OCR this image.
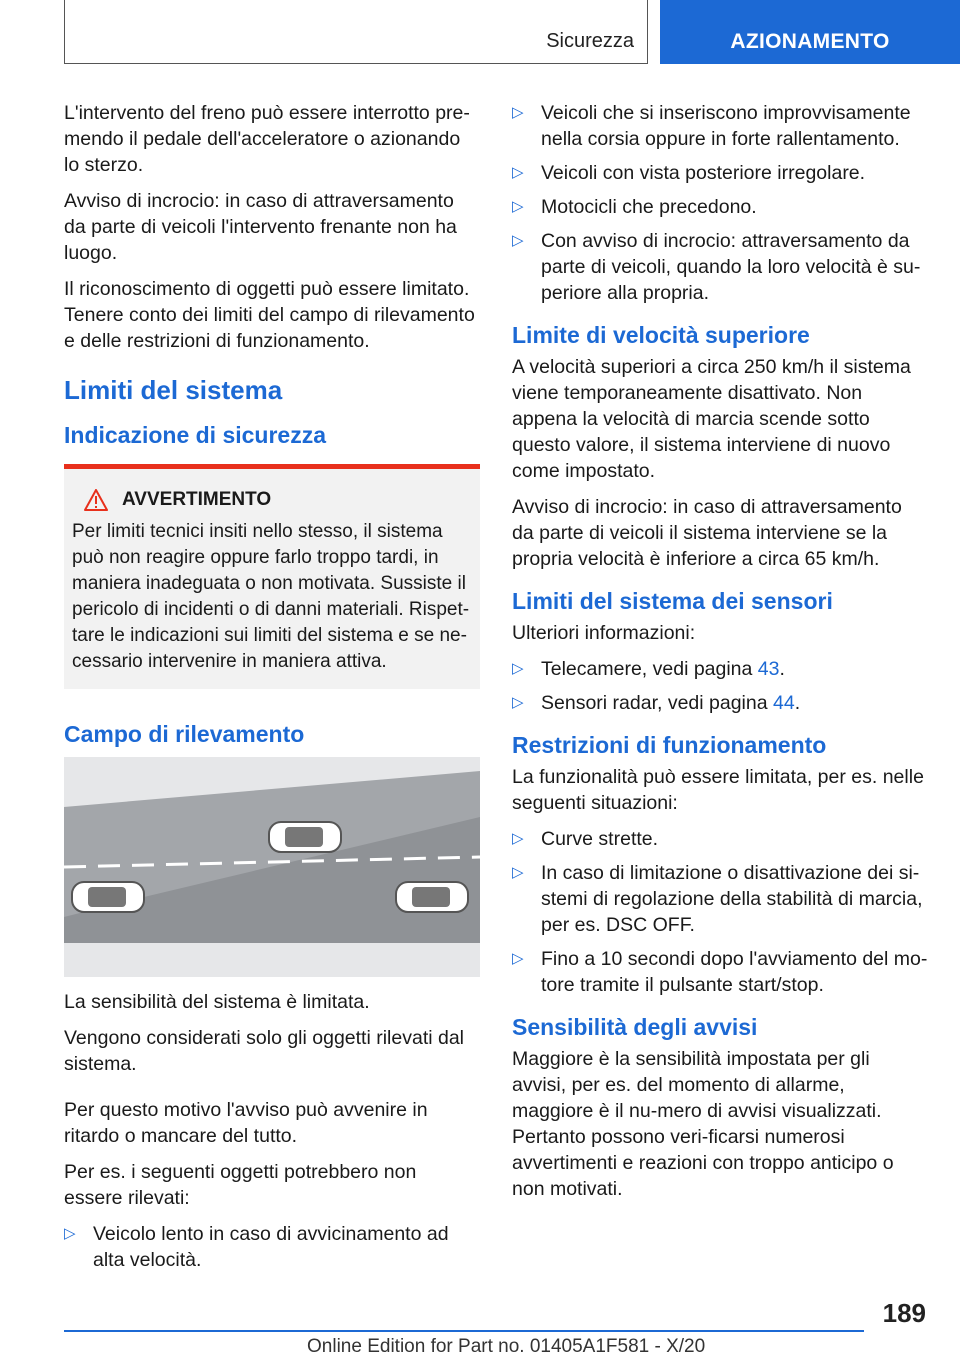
Sicurezza	AZIONAMENTO

L'intervento del freno può essere interrotto pre-mendo il pedale dell'acceleratore o azionando lo sterzo.

Avviso di incrocio: in caso di attraversamento da parte di veicoli l'intervento frenante non ha luogo.

Il riconoscimento di oggetti può essere limitato. Tenere conto dei limiti del campo di rilevamento e delle restrizioni di funzionamento.

Limiti del sistema
Indicazione di sicurezza
AVVERTIMENTO
Per limiti tecnici insiti nello stesso, il sistema può non reagire oppure farlo troppo tardi, in maniera inadeguata o non motivata. Sussiste il pericolo di incidenti o di danni materiali. Rispet-tare le indicazioni sui limiti del sistema e se ne-cessario intervenire in maniera attiva.
Campo di rilevamento

La sensibilità del sistema è limitata.

Vengono considerati solo gli oggetti rilevati dal sistema.

Per questo motivo l'avviso può avvenire in ritardo o mancare del tutto.

Per es. i seguenti oggetti potrebbero non essere rilevati:

▷ Veicolo lento in caso di avvicinamento ad alta velocità.
▷ Veicoli che si inseriscono improvvisamente nella corsia oppure in forte rallentamento.
▷ Veicoli con vista posteriore irregolare.
▷ Motocicli che precedono.
▷ Con avviso di incrocio: attraversamento da parte di veicoli, quando la loro velocità è su-periore alla propria.
Limite di velocità superiore

A velocità superiori a circa 250 km/h il sistema viene temporaneamente disattivato. Non appena la velocità di marcia scende sotto questo valore, il sistema interviene di nuovo come impostato.

Avviso di incrocio: in caso di attraversamento da parte di veicoli il sistema interviene se la propria velocità è inferiore a circa 65 km/h.

Limiti del sistema dei sensori

Ulteriori informazioni:

▷ Telecamere, vedi pagina 43.
▷ Sensori radar, vedi pagina 44.
Restrizioni di funzionamento

La funzionalità può essere limitata, per es. nelle seguenti situazioni:

▷ Curve strette.
▷ In caso di limitazione o disattivazione dei si-stemi di regolazione della stabilità di marcia, per es. DSC OFF.
▷ Fino a 10 secondi dopo l'avviamento del mo-tore tramite il pulsante start/stop.
Sensibilità degli avvisi

Maggiore è la sensibilità impostata per gli avvisi, per es. del momento di allarme, maggiore è il nu-mero di avvisi visualizzati. Pertanto possono veri-ficarsi numerosi avvertimenti e reazioni con troppo anticipo o non motivati.

189
Online Edition for Part no. 01405A1F581 - X/20
